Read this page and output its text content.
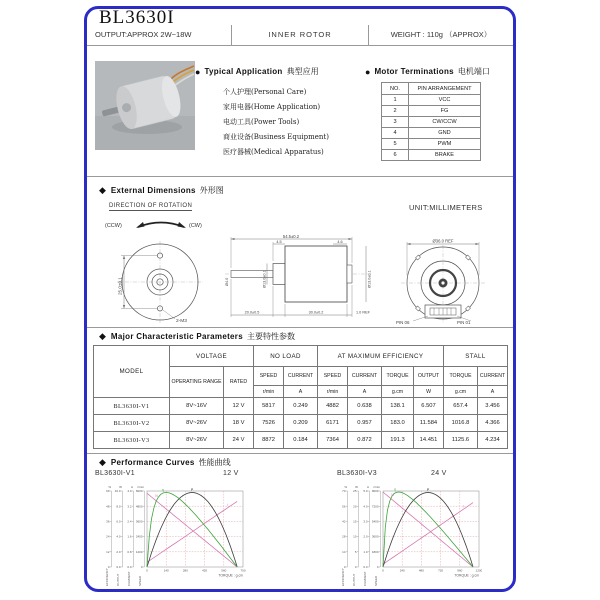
BL3630I
OUTPUT:APPROX 2W~18W	INNER ROTOR	WEIGHT : 110g （APPROX）
● Typical Application 典型应用
个人护理(Personal Care)
家用电器(Home Application)
电动工具(Power Tools)
商业设备(Business Equipment)
医疗器械(Medical Apparatus)
● Motor Terminations 电机端口
NO.	PIN ARRANGEMENT
1	VCC
2	FG
3	CW/CCW
4	GND
5	PWM
6	BRAKE
◆ External Dimensions 外形图
UNIT:MILLIMETERS
DIRECTION OF ROTATION
(CCW)	(CW)
25.0±0.1
2-M3
54.5±0.2
4.5	4.6
Ø13.0±0.1	Ø13.0±0.1
Ø4.0
20.0±0.5	30.0±0.2	1.0 REF
Ø36.0 REF
PIN 06	PIN 01
◆ Major Characteristic Parameters 主要特性参数
MODEL	VOLTAGE		NO LOAD		AT MAXIMUM EFFICIENCY				STALL	
	OPERATING RANGE	RATED	SPEED	CURRENT	SPEED	CURRENT	TORQUE	OUTPUT	TORQUE	CURRENT
			r/min	A	r/min	A	g.cm	W	g.cm	A
BL3630I-V1	8V~16V	12 V	5817	0.249	4882	0.638	138.1	6.507	657.4	3.456
BL3630I-V2	8V~26V	18 V	7526	0.209	6171	0.957	183.0	11.584	1016.8	4.366
BL3630I-V3	8V~26V	24 V	8872	0.184	7364	0.872	191.3	14.451	1125.6	4.234
◆ Performance Curves 性能曲线
BL3630I-V1	12 V	BL3630I-V3	24 V
%
60
48
36
24
12
0
EFFICIENCY
W
10.0
8.0
6.0
4.0
2.0
0.0
OUTPUT
A
4.0
3.2
2.4
1.6
0.8
0.0
CURRENT
r/min
6000
4800
3600
2400
1200
0
SPEED
0	140	280	420	560	700
TORQUE : g.cm
N
P
η
I
%
70
56
42
28
14
0
EFFICIENCY
W
25
20
15
10
5
0
OUTPUT
A
5.0
4.0
3.0
2.0
1.0
0.0
CURRENT
r/min
9000
7200
5400
3600
1800
0
SPEED
0	240	480	720	960	1200
TORQUE : g.cm
N
P
η
I
